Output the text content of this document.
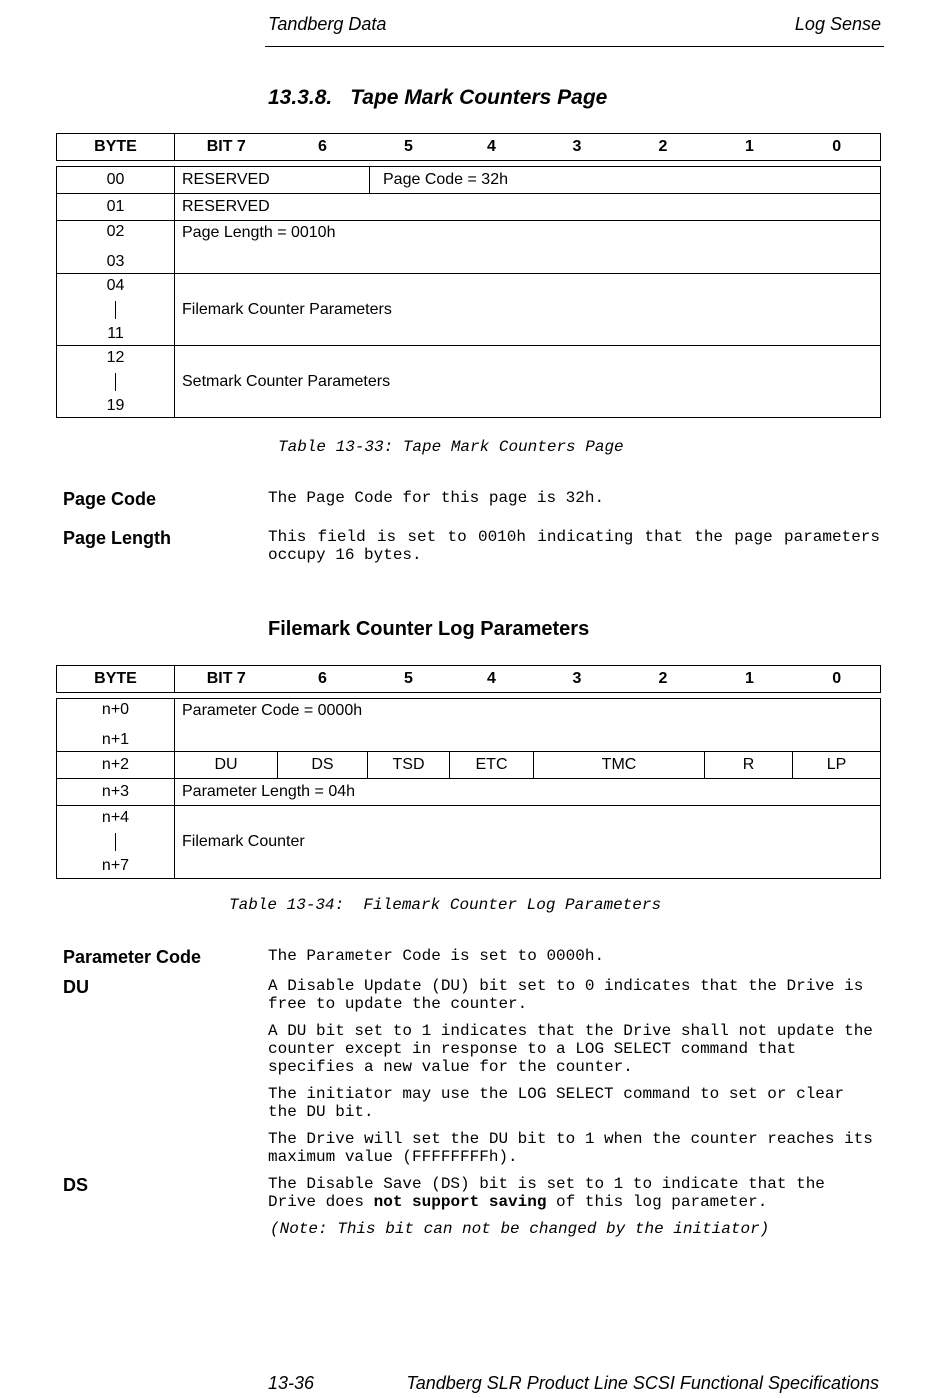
Tandberg Data	Log Sense
13.3.8. Tape Mark Counters Page
BYTE	BIT 7	6	5	4	3	2	1	0
00	RESERVED	Page Code = 32h
01	RESERVED	

02
03	Page Length = 0010h	

04
11	Filemark Counter Parameters	

12
19	Setmark Counter Parameters	
Table 13-33: Tape Mark Counters Page
Page Code	The Page Code for this page is 32h.
Page Length	This field is set to 0010h indicating that the page parameters occupy 16 bytes.
Filemark Counter Log Parameters
BYTE	BIT 7	6	5	4	3	2	1	0
n+0
n+1	Parameter Code = 0000h						
n+2	DU	DS	TSD	ETC	TMC	R	LP
n+3	Parameter Length = 04h						

n+4
n+7	Filemark Counter						
Table 13-34:  Filemark Counter Log Parameters
Parameter Code	The Parameter Code is set to 0000h.
DU	A Disable Update (DU) bit set to 0 indicates that the Drive is free to update the counter.
A DU bit set to 1 indicates that the Drive shall not update the counter except in response to a LOG SELECT command that specifies a new value for the counter.
The initiator may use the LOG SELECT command to set or clear the DU bit.
The Drive will set the DU bit to 1 when the counter reaches its maximum value (FFFFFFFFh).
DS	The Disable Save (DS) bit is set to 1 to indicate that the Drive does not support saving of this log parameter.
(Note: This bit can not be changed by the initiator)
13-36	Tandberg SLR Product Line SCSI Functional Specifications
